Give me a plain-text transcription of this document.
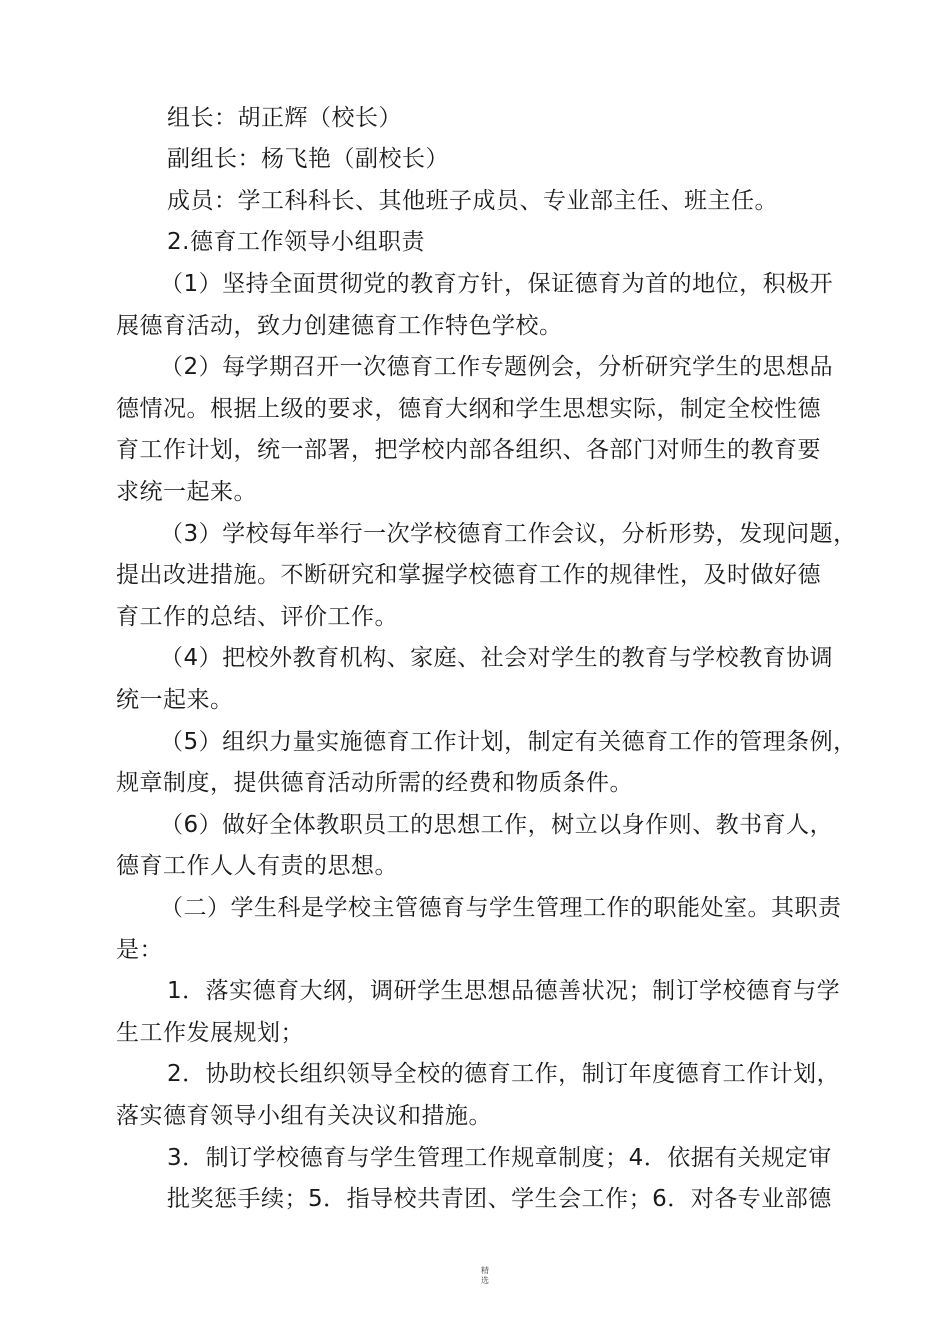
组长：胡正辉（校长）
副组长：杨飞艳（副校长）
成员：学工科科长、其他班子成员、专业部主任、班主任。
2.德育工作领导小组职责
（1）坚持全面贯彻党的教育方针，保证德育为首的地位，积极开
展德育活动，致力创建德育工作特色学校。
（2）每学期召开一次德育工作专题例会，分析研究学生的思想品
德情况。根据上级的要求，德育大纲和学生思想实际，制定全校性德
育工作计划，统一部署，把学校内部各组织、各部门对师生的教育要
求统一起来。
（3）学校每年举行一次学校德育工作会议，分析形势，发现问题，
提出改进措施。不断研究和掌握学校德育工作的规律性，及时做好德
育工作的总结、评价工作。
（4）把校外教育机构、家庭、社会对学生的教育与学校教育协调
统一起来。
（5）组织力量实施德育工作计划，制定有关德育工作的管理条例，
规章制度，提供德育活动所需的经费和物质条件。
（6）做好全体教职员工的思想工作，树立以身作则、教书育人，
德育工作人人有责的思想。
（二）学生科是学校主管德育与学生管理工作的职能处室。其职责
是：
1．落实德育大纲，调研学生思想品德善状况；制订学校德育与学
生工作发展规划；
2．协助校长组织领导全校的德育工作，制订年度德育工作计划，
落实德育领导小组有关决议和措施。
3．制订学校德育与学生管理工作规章制度；4．依据有关规定审
批奖惩手续；5．指导校共青团、学生会工作；6．对各专业部德
精选
